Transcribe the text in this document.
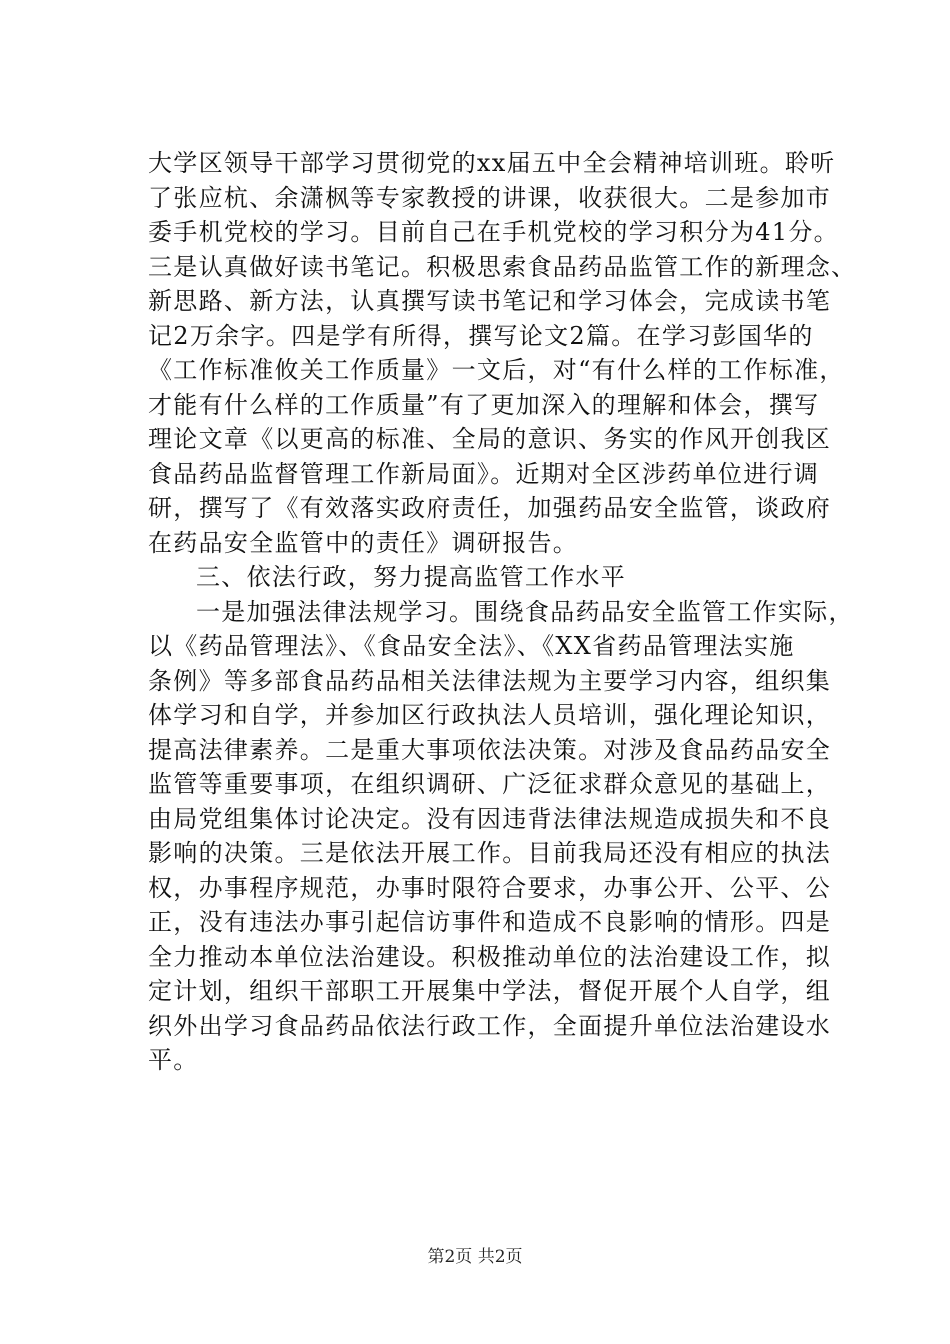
大学区领导干部学习贯彻党的xx届五中全会精神培训班。聆听
了张应杭、余潇枫等专家教授的讲课，收获很大。二是参加市
委手机党校的学习。目前自己在手机党校的学习积分为41分。
三是认真做好读书笔记。积极思索食品药品监管工作的新理念、
新思路、新方法，认真撰写读书笔记和学习体会，完成读书笔
记2万余字。四是学有所得，撰写论文2篇。在学习彭国华的
《工作标准攸关工作质量》一文后，对“有什么样的工作标准，
才能有什么样的工作质量”有了更加深入的理解和体会，撰写
理论文章《以更高的标准、全局的意识、务实的作风开创我区
食品药品监督管理工作新局面》。近期对全区涉药单位进行调
研，撰写了《有效落实政府责任，加强药品安全监管，谈政府
在药品安全监管中的责任》调研报告。
三、依法行政，努力提高监管工作水平
一是加强法律法规学习。围绕食品药品安全监管工作实际，
以《药品管理法》、《食品安全法》、《XX省药品管理法实施
条例》等多部食品药品相关法律法规为主要学习内容，组织集
体学习和自学，并参加区行政执法人员培训，强化理论知识，
提高法律素养。二是重大事项依法决策。对涉及食品药品安全
监管等重要事项，在组织调研、广泛征求群众意见的基础上，
由局党组集体讨论决定。没有因违背法律法规造成损失和不良
影响的决策。三是依法开展工作。目前我局还没有相应的执法
权，办事程序规范，办事时限符合要求，办事公开、公平、公
正，没有违法办事引起信访事件和造成不良影响的情形。四是
全力推动本单位法治建设。积极推动单位的法治建设工作，拟
定计划，组织干部职工开展集中学法，督促开展个人自学，组
织外出学习食品药品依法行政工作，全面提升单位法治建设水
平。
第2页 共2页
